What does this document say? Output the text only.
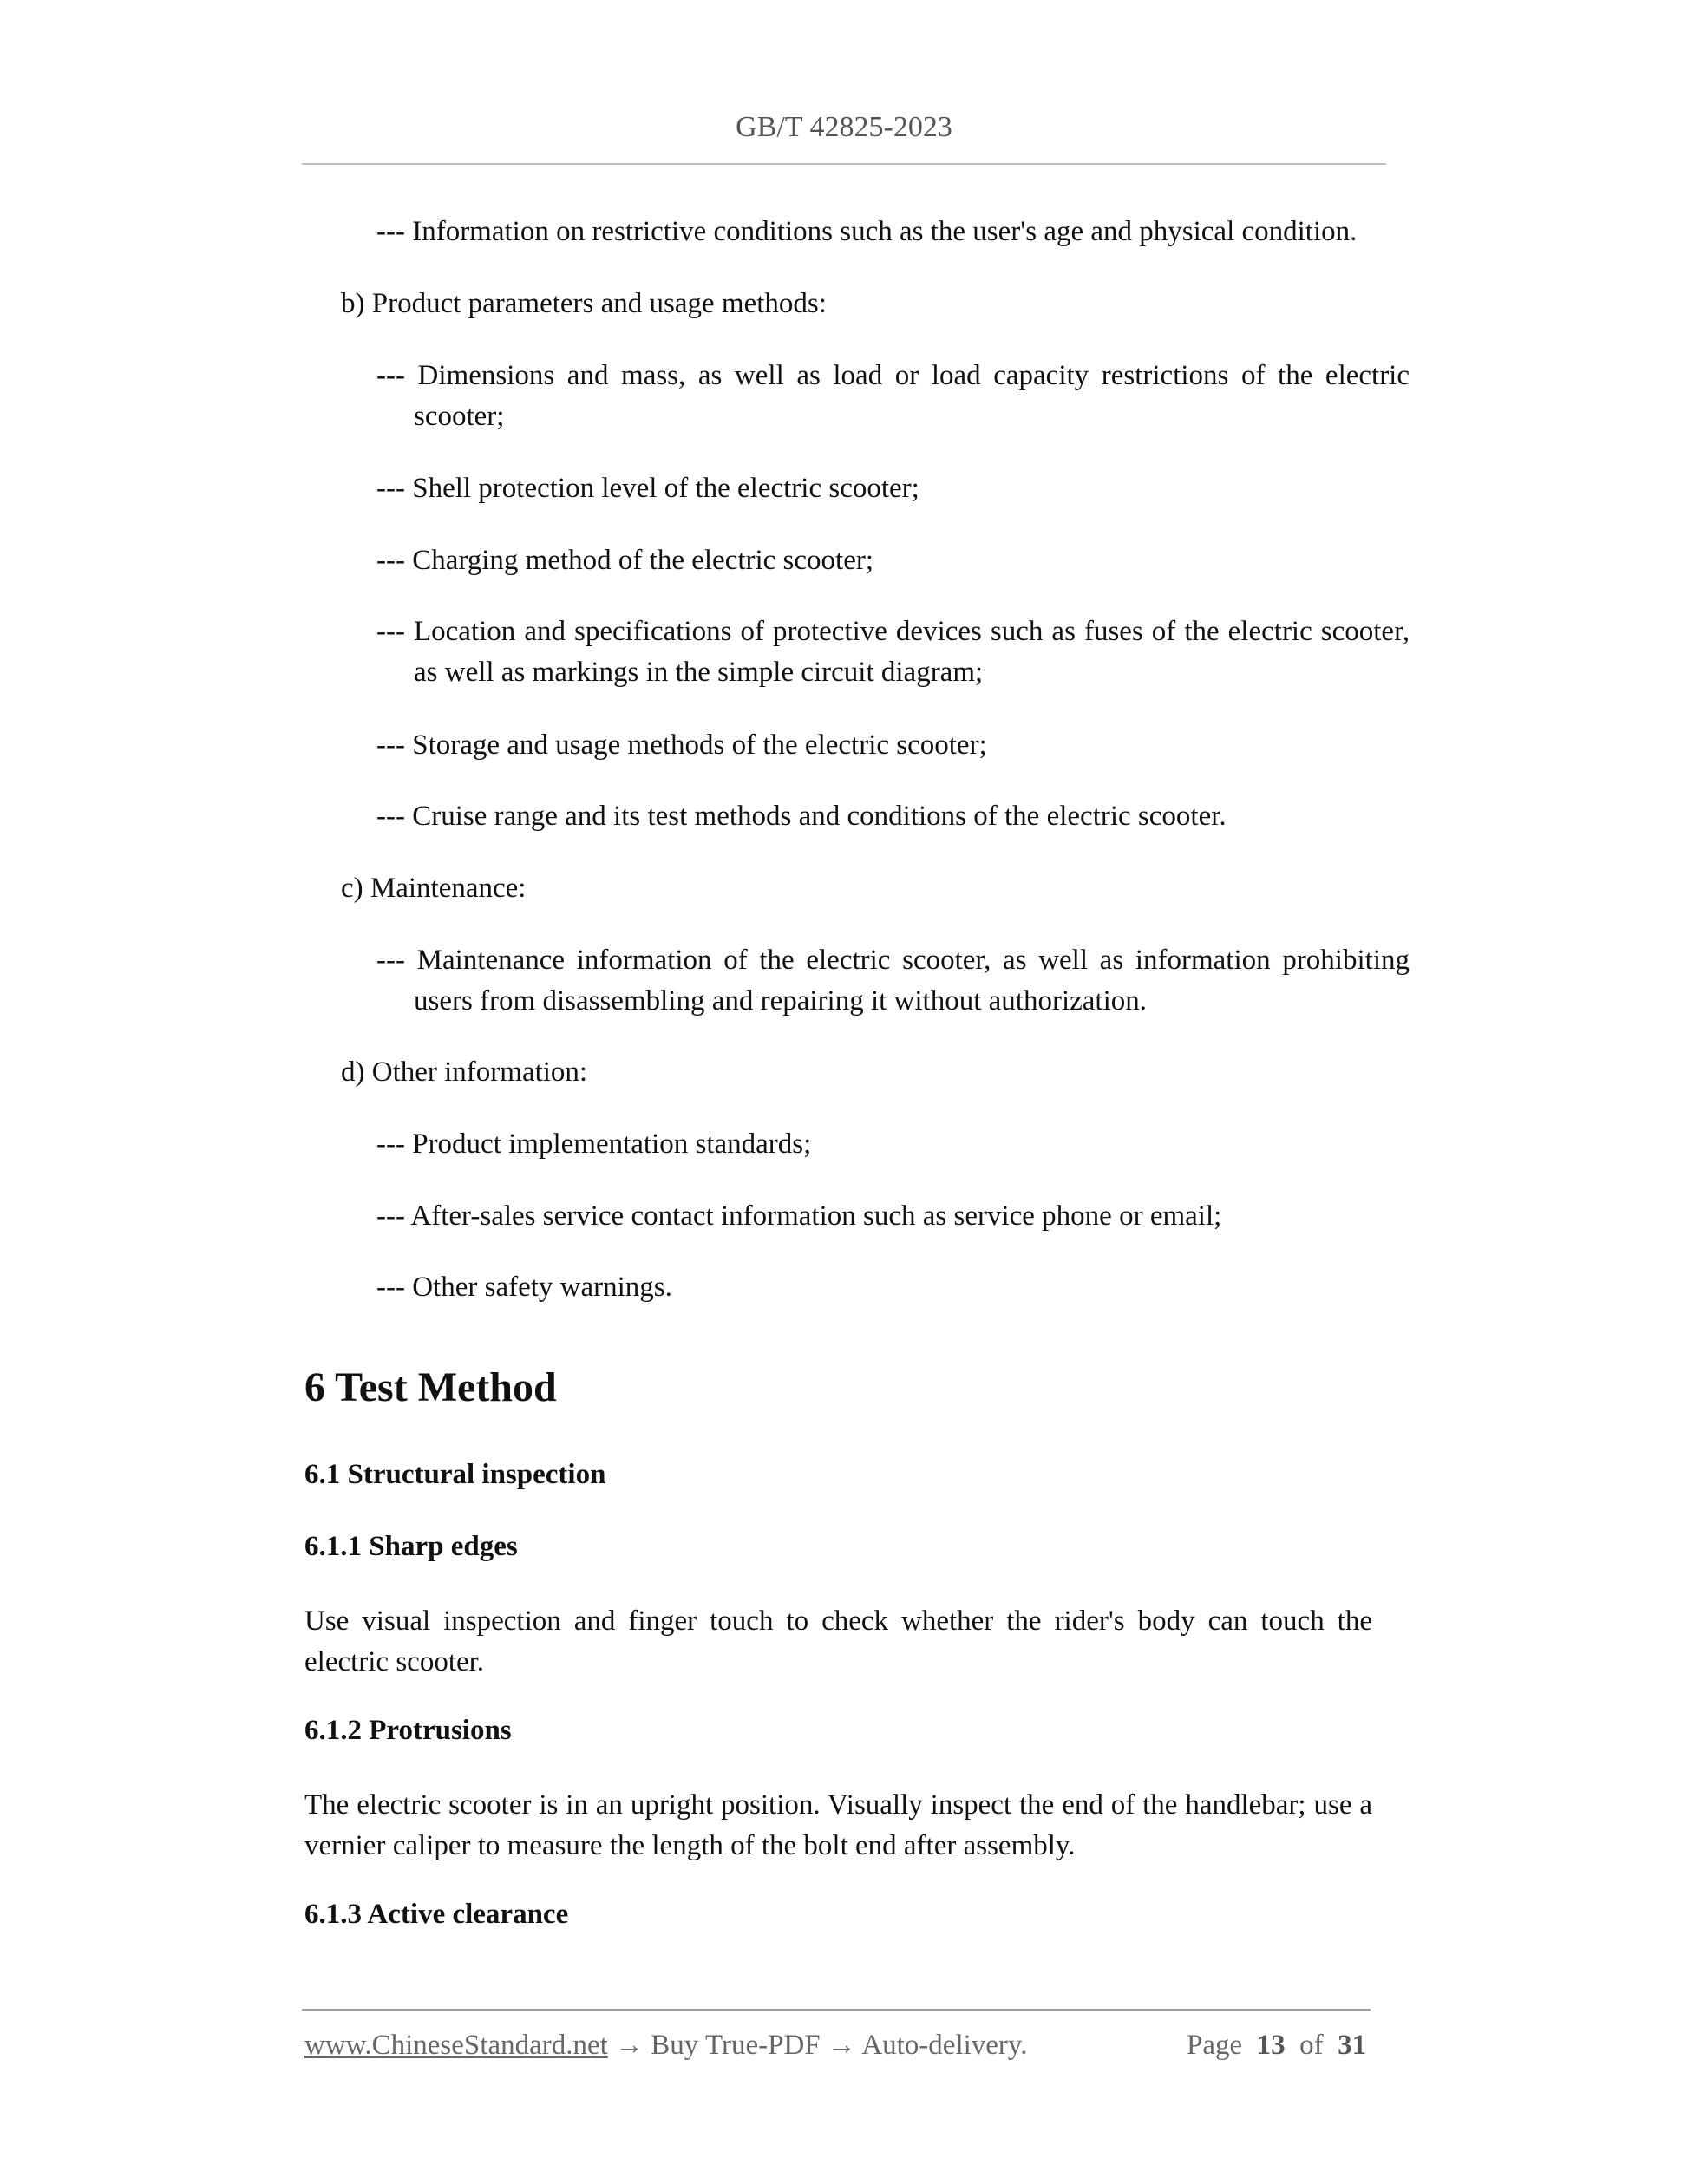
GB/T 42825-2023
--- Information on restrictive conditions such as the user's age and physical condition.
b) Product parameters and usage methods:
--- Dimensions and mass, as well as load or load capacity restrictions of the electric scooter;
--- Shell protection level of the electric scooter;
--- Charging method of the electric scooter;
--- Location and specifications of protective devices such as fuses of the electric scooter, as well as markings in the simple circuit diagram;
--- Storage and usage methods of the electric scooter;
--- Cruise range and its test methods and conditions of the electric scooter.
c) Maintenance:
--- Maintenance information of the electric scooter, as well as information prohibiting users from disassembling and repairing it without authorization.
d) Other information:
--- Product implementation standards;
--- After-sales service contact information such as service phone or email;
--- Other safety warnings.
6 Test Method
6.1 Structural inspection
6.1.1 Sharp edges
Use visual inspection and finger touch to check whether the rider's body can touch the electric scooter.
6.1.2 Protrusions
The electric scooter is in an upright position. Visually inspect the end of the handlebar; use a vernier caliper to measure the length of the bolt end after assembly.
6.1.3 Active clearance
www.ChineseStandard.net → Buy True-PDF → Auto-delivery.	Page 13 of 31
